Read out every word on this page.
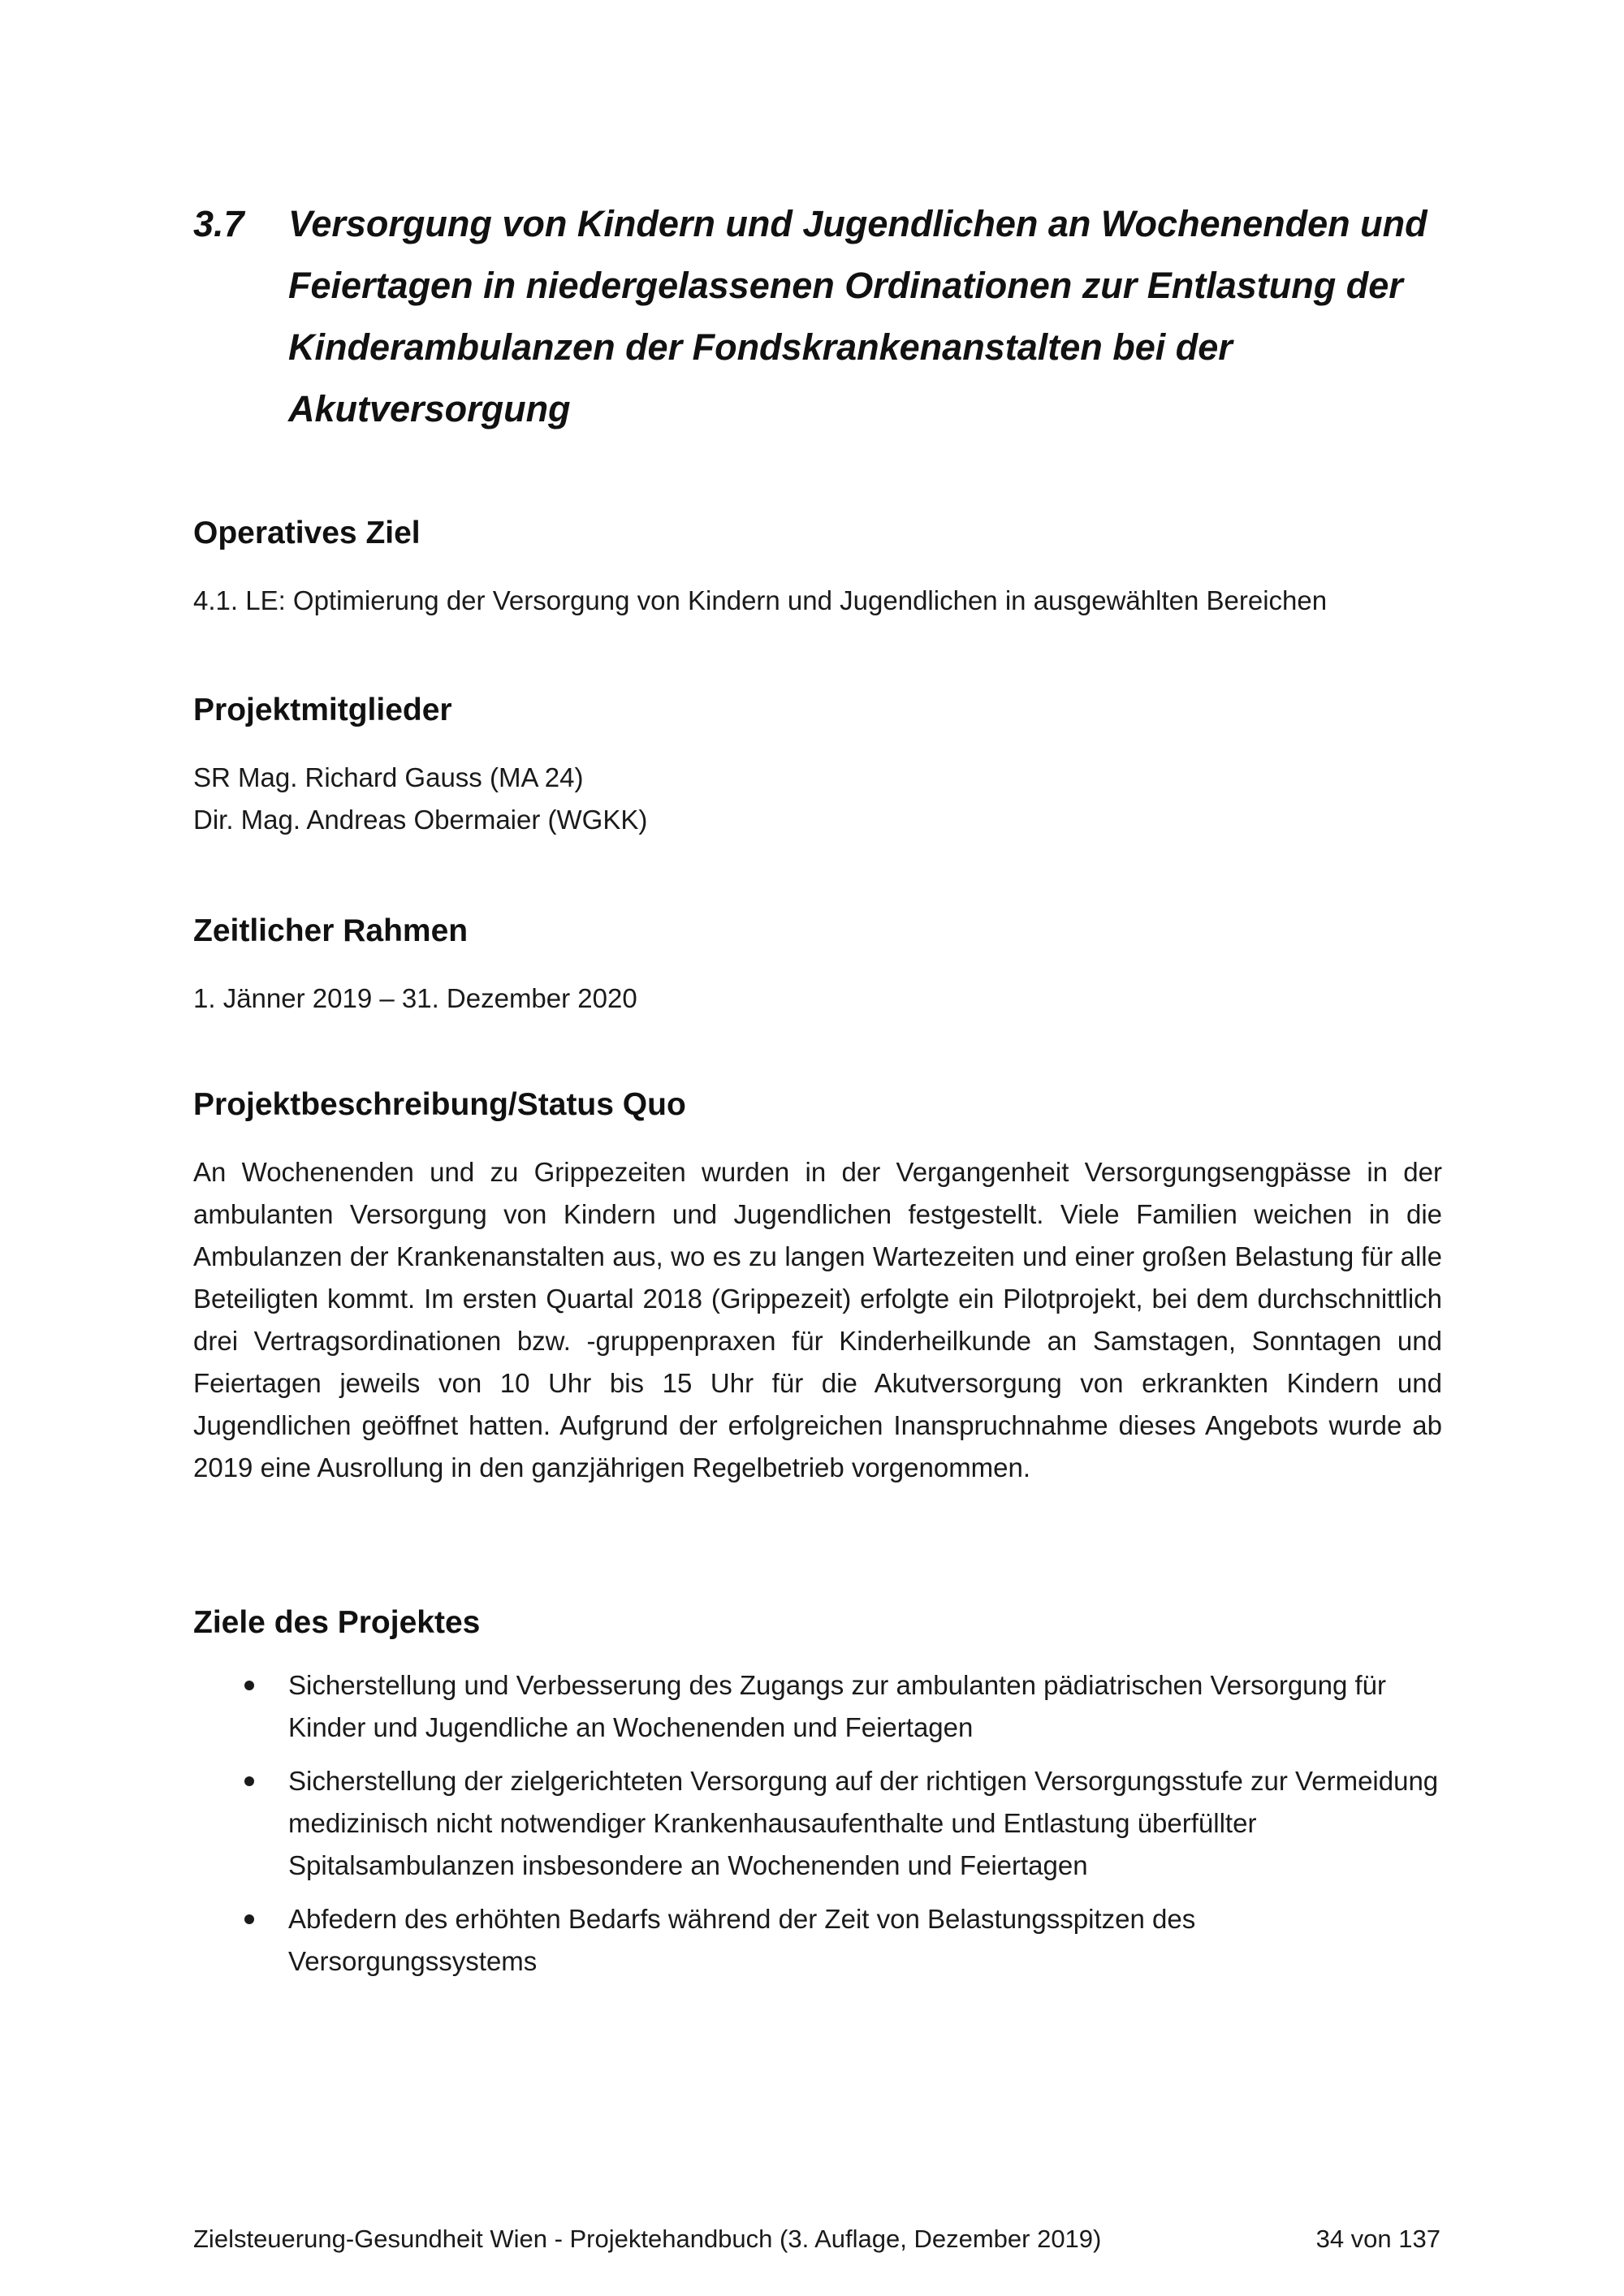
3.7 Versorgung von Kindern und Jugendlichen an Wochenenden und Feiertagen in niedergelassenen Ordinationen zur Entlastung der Kinderambulanzen der Fondskrankenanstalten bei der Akutversorgung
Operatives Ziel
4.1. LE: Optimierung der Versorgung von Kindern und Jugendlichen in ausgewählten Bereichen
Projektmitglieder
SR Mag. Richard Gauss (MA 24)
Dir. Mag. Andreas Obermaier (WGKK)
Zeitlicher Rahmen
1. Jänner 2019 – 31. Dezember 2020
Projektbeschreibung/Status Quo
An Wochenenden und zu Grippezeiten wurden in der Vergangenheit Versorgungsengpässe in der ambulanten Versorgung von Kindern und Jugendlichen festgestellt. Viele Familien weichen in die Ambulanzen der Krankenanstalten aus, wo es zu langen Wartezeiten und einer großen Belastung für alle Beteiligten kommt. Im ersten Quartal 2018 (Grippezeit) erfolgte ein Pilotprojekt, bei dem durchschnittlich drei Vertragsordinationen bzw. -gruppenpraxen für Kinderheilkunde an Samstagen, Sonntagen und Feiertagen jeweils von 10 Uhr bis 15 Uhr für die Akutversorgung von erkrankten Kindern und Jugendlichen geöffnet hatten. Aufgrund der erfolgreichen Inanspruchnahme dieses Angebots wurde ab 2019 eine Ausrollung in den ganzjährigen Regelbetrieb vorgenommen.
Ziele des Projektes
Sicherstellung und Verbesserung des Zugangs zur ambulanten pädiatrischen Versorgung für Kinder und Jugendliche an Wochenenden und Feiertagen
Sicherstellung der zielgerichteten Versorgung auf der richtigen Versorgungsstufe zur Vermeidung medizinisch nicht notwendiger Krankenhausaufenthalte und Entlastung überfüllter Spitalsambulanzen insbesondere an Wochenenden und Feiertagen
Abfedern des erhöhten Bedarfs während der Zeit von Belastungsspitzen des Versorgungssystems
Zielsteuerung-Gesundheit Wien - Projektehandbuch (3. Auflage, Dezember 2019)	34 von 137
